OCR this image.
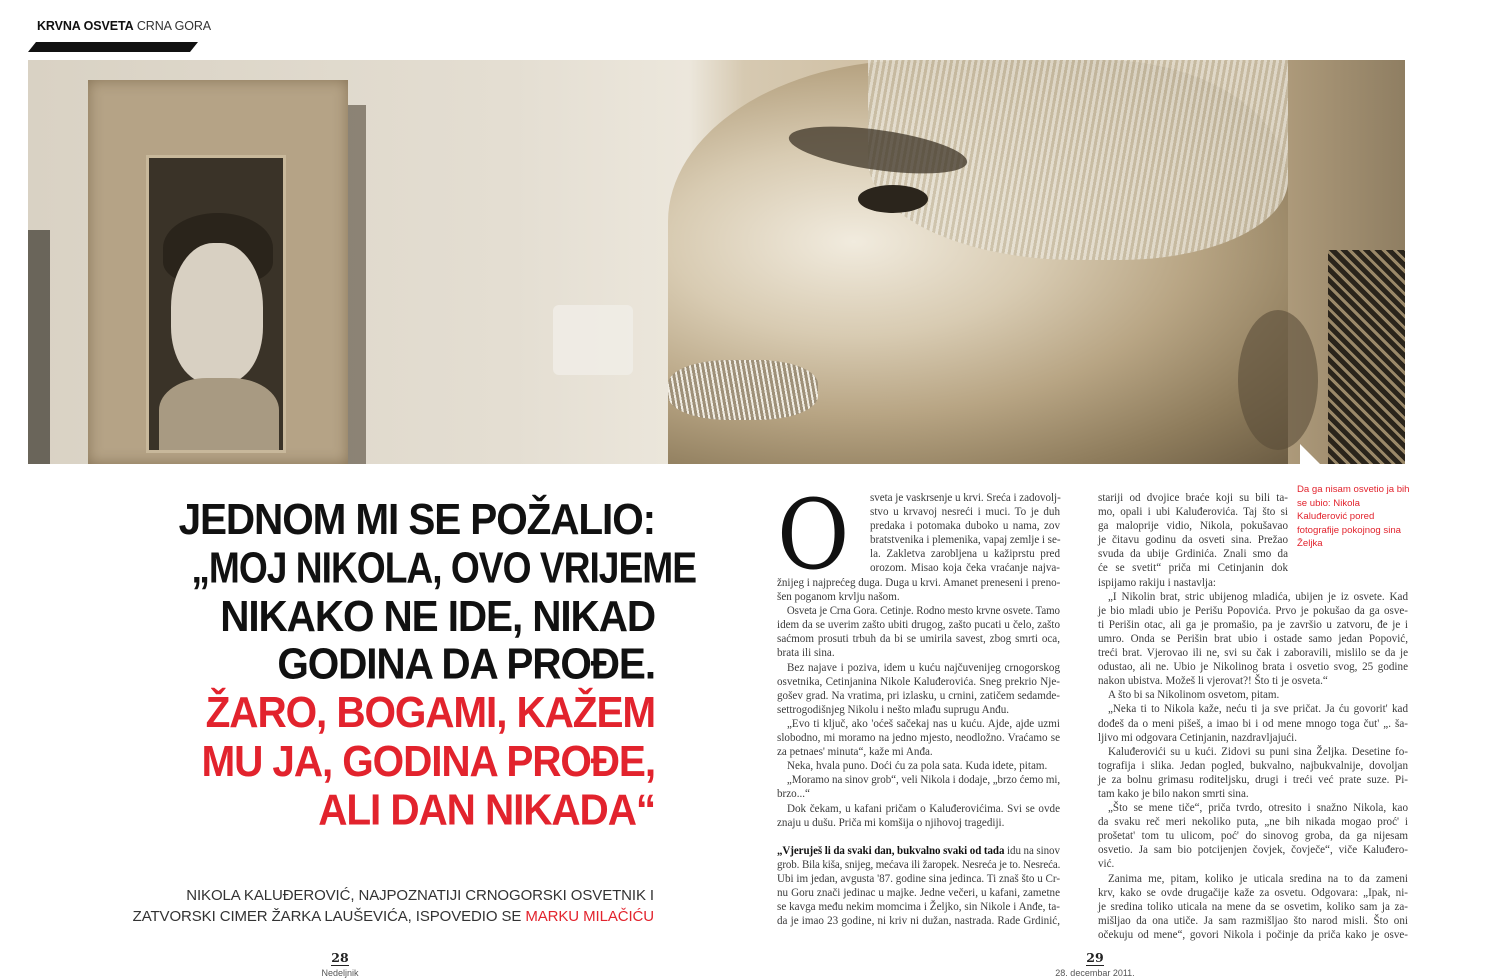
KRVNA OSVETA CRNA GORA
Da ga nisam osvetio ja bih se ubio: Nikola Kaluđerović pored fotografije pokojnog sina Željka
JEDNOM MI SE POŽALIO:
„MOJ NIKOLA, OVO VRIJEME
NIKAKO NE IDE, NIKAD
GODINA DA PROĐE.
ŽARO, BOGAMI, KAŽEM
MU JA, GODINA PROĐE,
ALI DAN NIKADA“
NIKOLA KALUĐEROVIĆ, NAJPOZNATIJI CRNOGORSKI OSVETNIK I
ZATVORSKI CIMER ŽARKA LAUŠEVIĆA, ISPOVEDIO SE MARKU MILAČIĆU
28
Nedeljnik
29
28. decembar 2011.
O sveta je vaskrsenje u krvi. Sreća i zadovolj-
stvo u krvavoj nesreći i muci. To je duh
predaka i potomaka duboko u nama, zov
bratstvenika i plemenika, vapaj zemlje i se-
la. Zakletva zarobljena u kažiprstu pred
orozom. Misao koja čeka vraćanje najva-
žnijeg i najprećeg duga. Duga u krvi. Amanet preneseni i preno-
šen poganom krvlju našom.
Osveta je Crna Gora. Cetinje. Rodno mesto krvne osvete. Tamo
idem da se uverim zašto ubiti drugog, zašto pucati u čelo, zašto
saćmom prosuti trbuh da bi se umirila savest, zbog smrti oca,
brata ili sina.
Bez najave i poziva, idem u kuću najčuvenijeg crnogorskog
osvetnika, Cetinjanina Nikole Kaluđerovića. Sneg prekrio Nje-
gošev grad. Na vratima, pri izlasku, u crnini, zatičem sedamde-
settrogodišnjeg Nikolu i nešto mlađu suprugu Anđu.
„Evo ti ključ, ako 'oćeš sačekaj nas u kuću. Ajde, ajde uzmi
slobodno, mi moramo na jedno mjesto, neodložno. Vraćamo se
za petnaes' minuta“, kaže mi Anđa.
Neka, hvala puno. Doći ću za pola sata. Kuda idete, pitam.
„Moramo na sinov grob“, veli Nikola i dodaje, „brzo ćemo mi,
brzo...“
Dok čekam, u kafani pričam o Kaluđerovićima. Svi se ovde
znaju u dušu. Priča mi komšija o njihovoj tragediji.
„Vjeruješ li da svaki dan, bukvalno svaki od tada idu na sinov
grob. Bila kiša, snijeg, mećava ili žaropek. Nesreća je to. Nesreća.
Ubi im jedan, avgusta '87. godine sina jedinca. Ti znaš što u Cr-
nu Goru znači jedinac u majke. Jedne večeri, u kafani, zametne
se kavga među nekim momcima i Željko, sin Nikole i Anđe, ta-
da je imao 23 godine, ni kriv ni dužan, nastrada. Rade Grdinić,
stariji od dvojice braće koji su bili ta-
mo, opali i ubi Kaluđerovića. Taj što si
ga maloprije vidio, Nikola, pokušavao
je čitavu godinu da osveti sina. Prežao
svuda da ubije Grdinića. Znali smo da
će se svetit“ priča mi Cetinjanin dok
ispijamo rakiju i nastavlja:
„I Nikolin brat, stric ubijenog mladića, ubijen je iz osvete. Kad
je bio mladi ubio je Perišu Popovića. Prvo je pokušao da ga osve-
ti Perišin otac, ali ga je promašio, pa je završio u zatvoru, đe je i
umro. Onda se Perišin brat ubio i ostade samo jedan Popović,
treći brat. Vjerovao ili ne, svi su čak i zaboravili, mislilo se da je
odustao, ali ne. Ubio je Nikolinog brata i osvetio svog, 25 godine
nakon ubistva. Možeš li vjerovat?! Što ti je osveta.“
A što bi sa Nikolinom osvetom, pitam.
„Neka ti to Nikola kaže, neću ti ja sve pričat. Ja ću govorit' kad
dođeš da o meni pišeš, a imao bi i od mene mnogo toga čut' „. ša-
ljivo mi odgovara Cetinjanin, nazdravljajući.
Kaluđerovići su u kući. Zidovi su puni sina Željka. Desetine fo-
tografija i slika. Jedan pogled, bukvalno, najbukvalnije, dovoljan
je za bolnu grimasu roditeljsku, drugi i treći već prate suze. Pi-
tam kako je bilo nakon smrti sina.
„Što se mene tiče“, priča tvrdo, otresito i snažno Nikola, kao
da svaku reč meri nekoliko puta, „ne bih nikada mogao proć' i
prošetat' tom tu ulicom, poć' do sinovog groba, da ga nijesam
osvetio. Ja sam bio potcijenjen čovjek, čovječe“, viče Kaluđero-
vić.
Zanima me, pitam, koliko je uticala sredina na to da zameni
krv, kako se ovde drugačije kaže za osvetu. Odgovara: „Ipak, ni-
je sredina toliko uticala na mene da se osvetim, koliko sam ja za-
mišljao da ona utiče. Ja sam razmišljao što narod misli. Što oni
očekuju od mene“, govori Nikola i počinje da priča kako je osve-
